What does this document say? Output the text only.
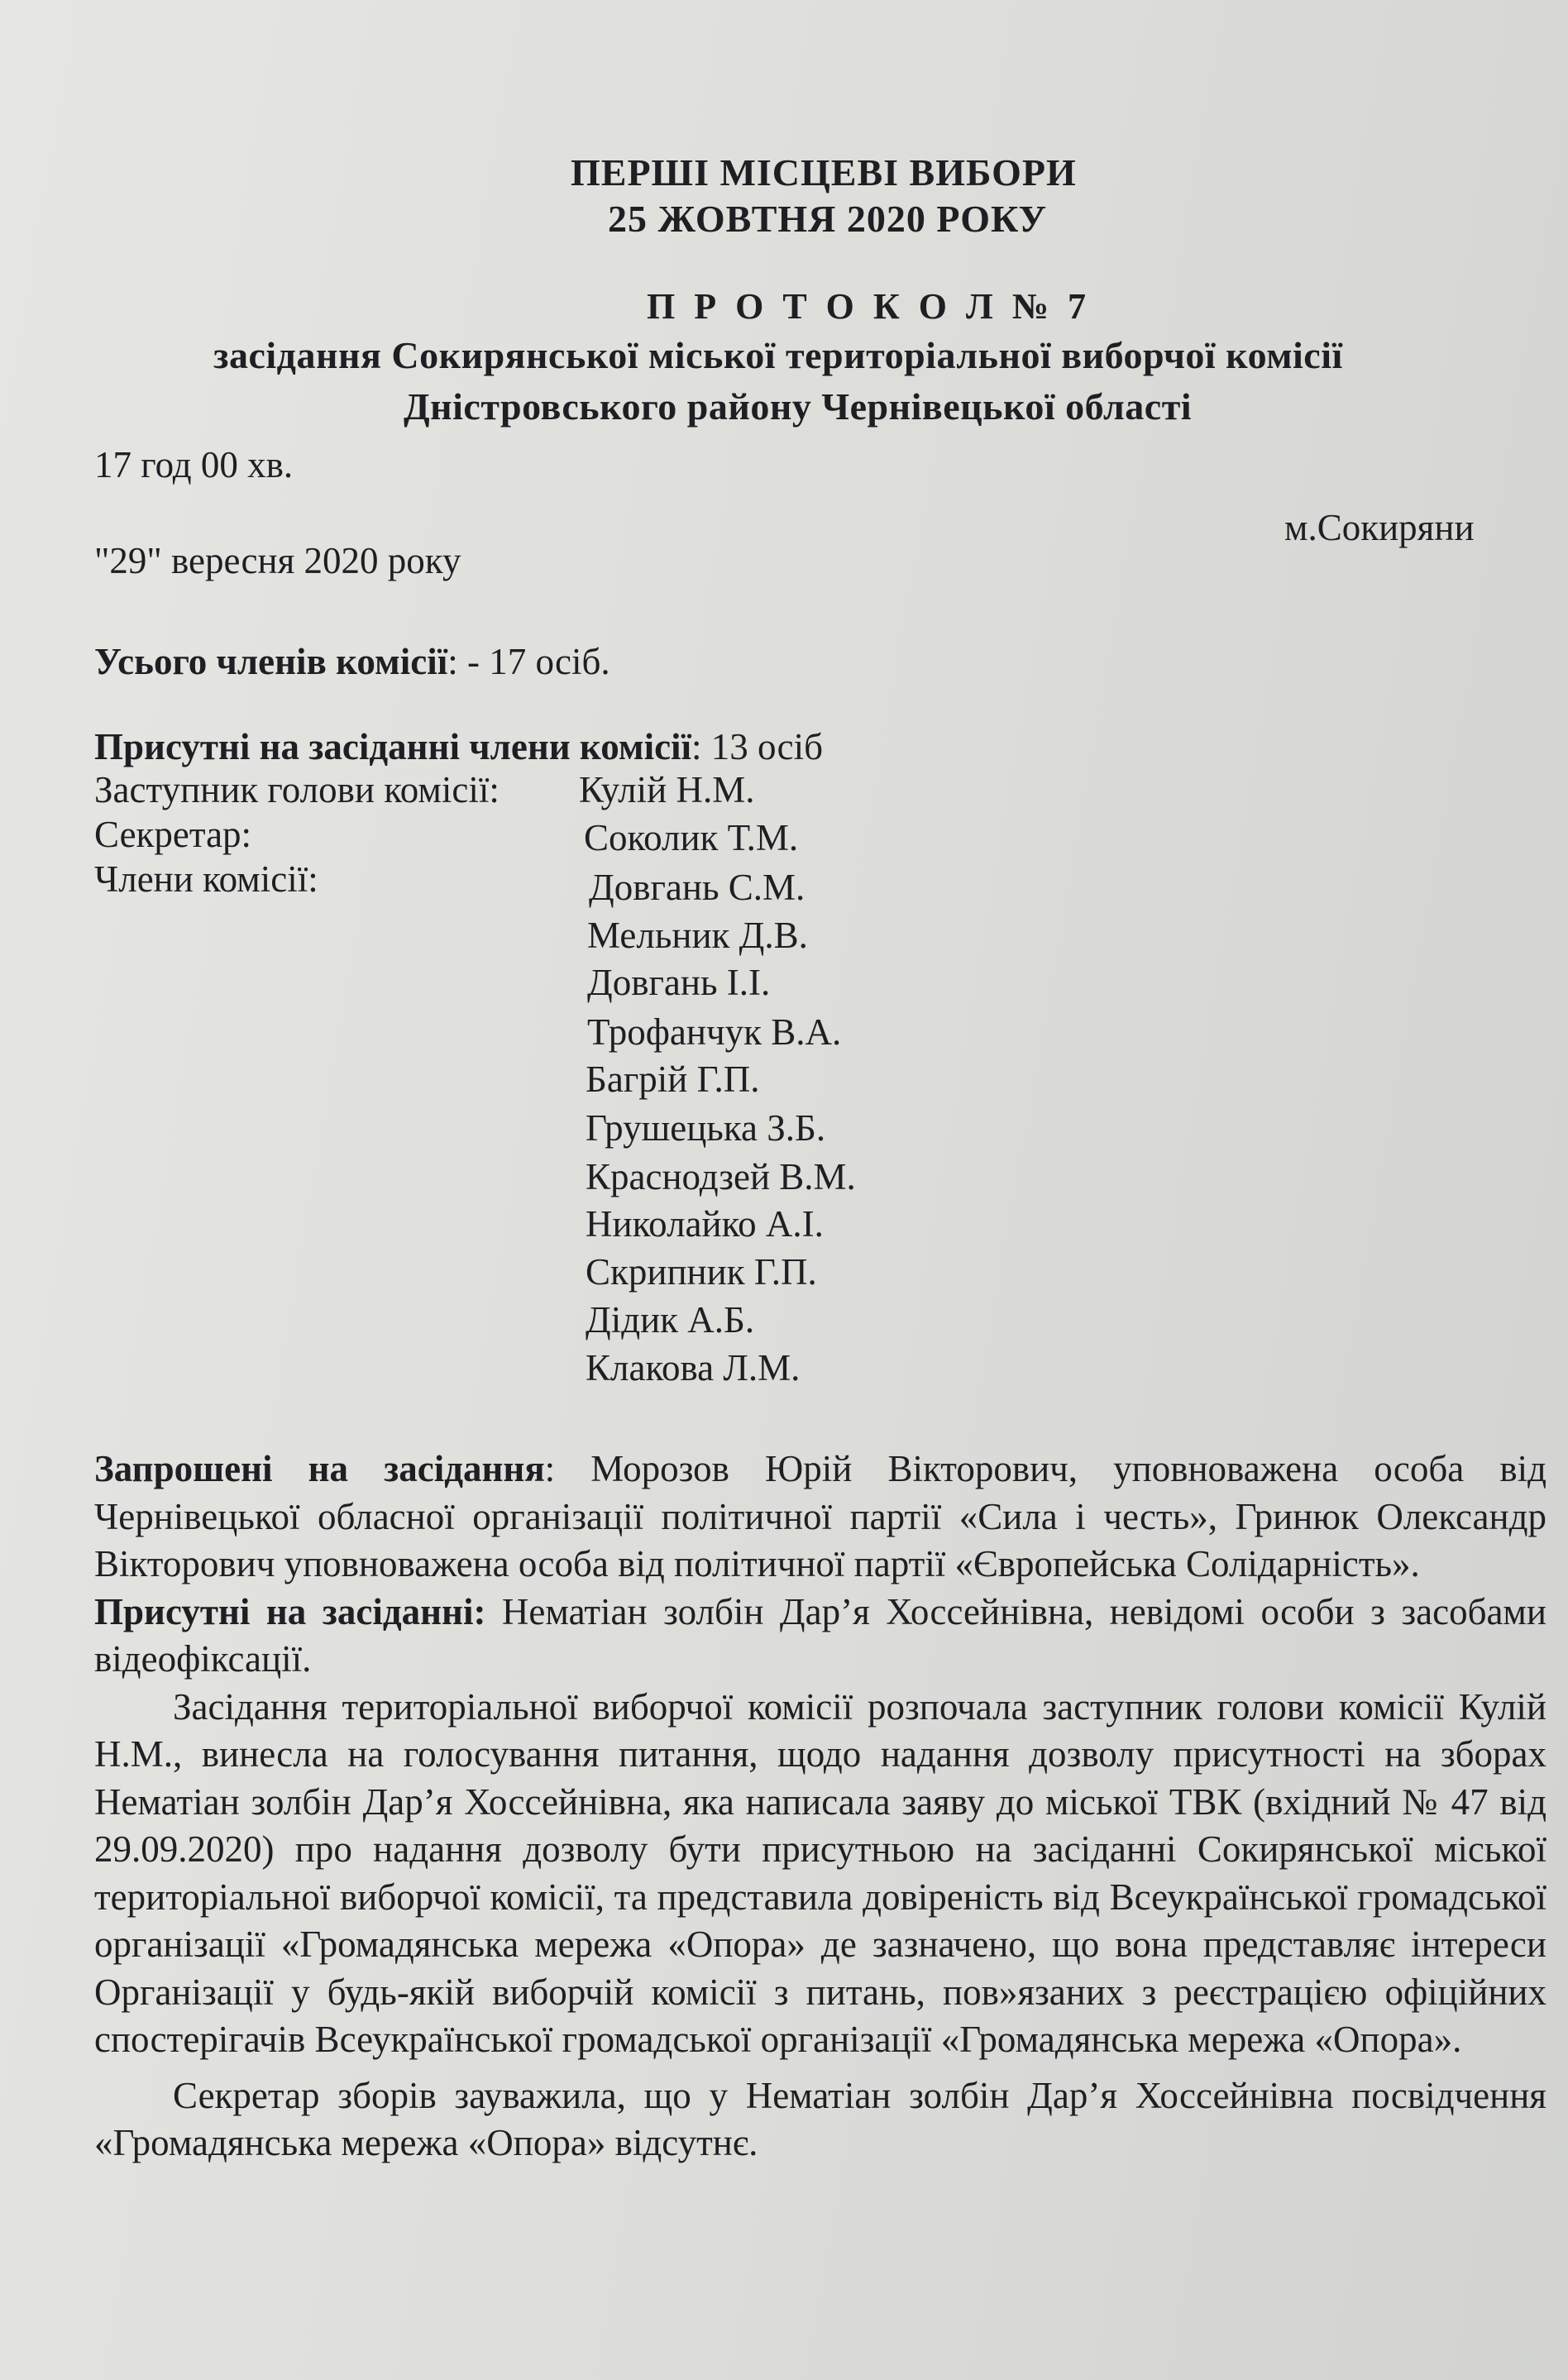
ПЕРШІ МІСЦЕВІ ВИБОРИ
25 ЖОВТНЯ 2020 РОКУ
П Р О Т О К О Л № 7
засідання Сокирянської міської територіальної виборчої комісії
Дністровського району Чернівецької області
17 год 00 хв.
м.Сокиряни
"29" вересня 2020 року
Усього членів комісії: - 17 осіб.
Присутні на засіданні члени комісії: 13 осіб
Заступник голови комісії: Кулій Н.М.
Секретар:	Соколик Т.М.
Члени комісії:	Довгань С.М.
Мельник Д.В.
Довгань І.І.
Трофанчук В.А.
Багрій Г.П.
Грушецька З.Б.
Краснодзей В.М.
Николайко А.І.
Скрипник Г.П.
Дідик А.Б.
Клакова Л.М.

Запрошені на засідання: Морозов Юрій Вікторович, уповноважена особа від Чернівецької обласної організації політичної партії «Сила і честь», Гринюк Олександр Вікторович уповноважена особа від політичної партії «Європейська Солідарність».

Присутні на засіданні: Нематіан золбін Дар’я Хоссейнівна, невідомі особи з засобами відеофіксації.

Засідання територіальної виборчої комісії розпочала заступник голови комісії Кулій Н.М., винесла на голосування питання, щодо надання дозволу присутності на зборах Нематіан золбін Дар’я Хоссейнівна, яка написала заяву до міської ТВК (вхідний № 47 від 29.09.2020) про надання дозволу бути присутньою на засіданні Сокирянської міської територіальної виборчої комісії, та представила довіреність від Всеукраїнської громадської організації «Громадянська мережа «Опора» де зазначено, що вона представляє інтереси Організації у будь-якій виборчій комісії з питань, пов»язаних з реєстрацією офіційних спостерігачів Всеукраїнської громадської організації «Громадянська мережа «Опора».

Секретар зборів зауважила, що у Нематіан золбін Дар’я Хоссейнівна посвідчення «Громадянська мережа «Опора» відсутнє.
